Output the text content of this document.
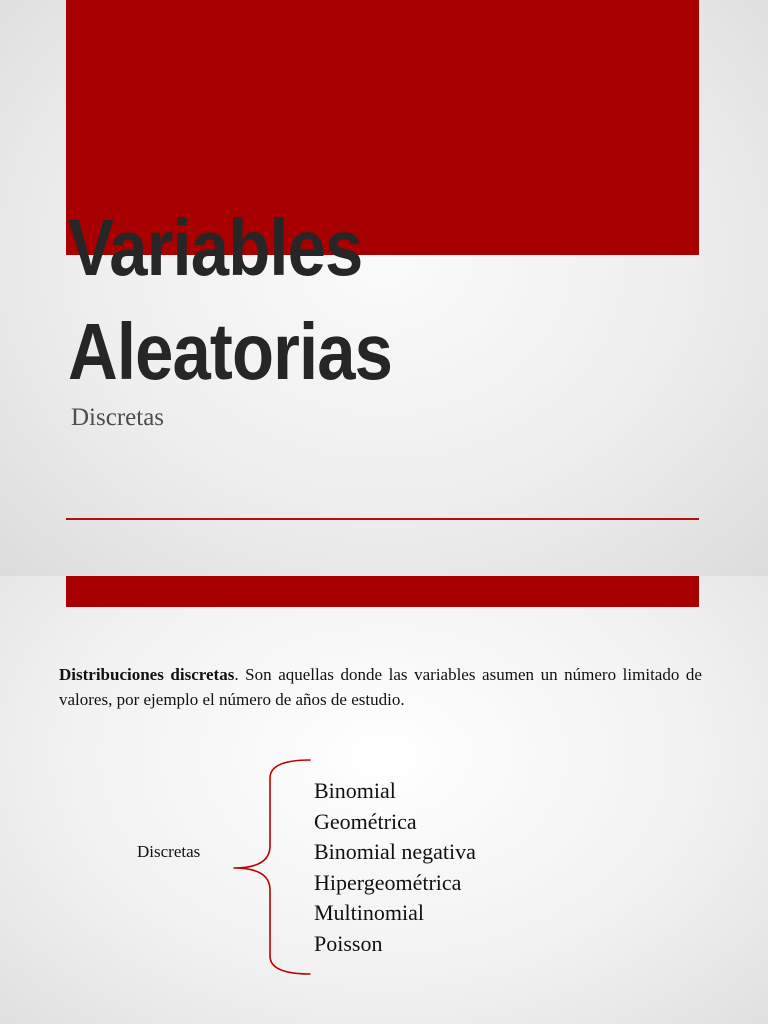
Variables
Aleatorias
Discretas

Distribuciones discretas. Son aquellas donde las variables asumen un número limitado de valores, por ejemplo el número de años de estudio.

Discretas
Binomial
Geométrica
Binomial negativa
Hipergeométrica
Multinomial
Poisson
